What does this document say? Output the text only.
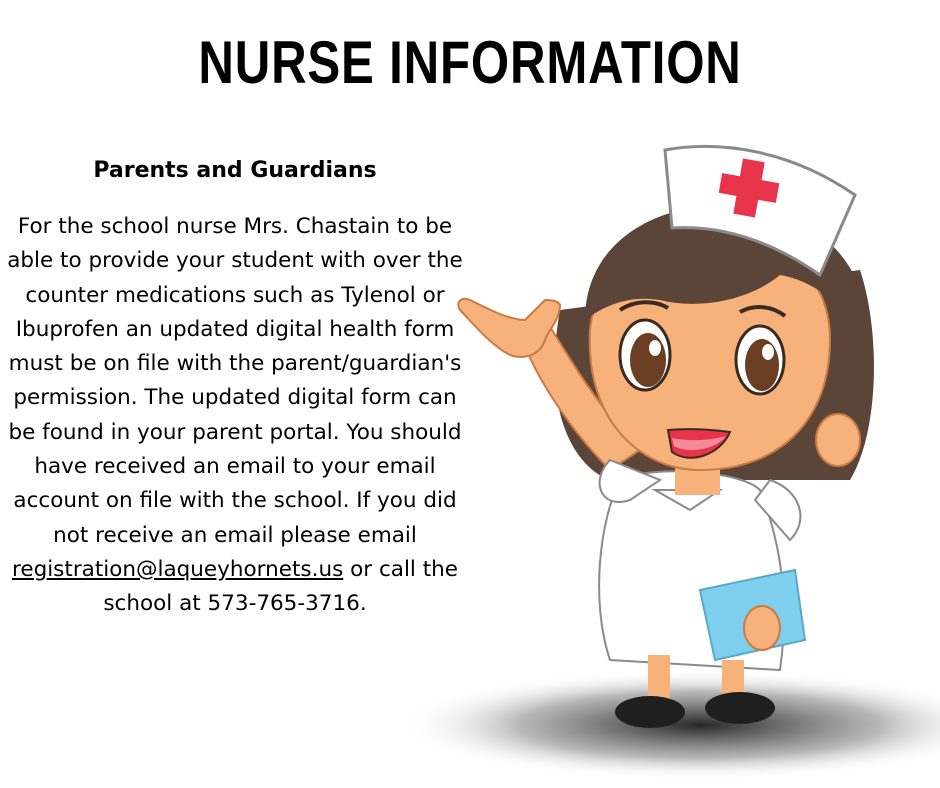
NURSE INFORMATION
Parents and Guardians
For the school nurse Mrs. Chastain to be able to provide your student with over the counter medications such as Tylenol or Ibuprofen an updated digital health form must be on file with the parent/guardian's permission. The updated digital form can be found in your parent portal. You should have received an email to your email account on file with the school. If you did not receive an email please email registration@laqueyhornets.us or call the school at 573-765-3716.
